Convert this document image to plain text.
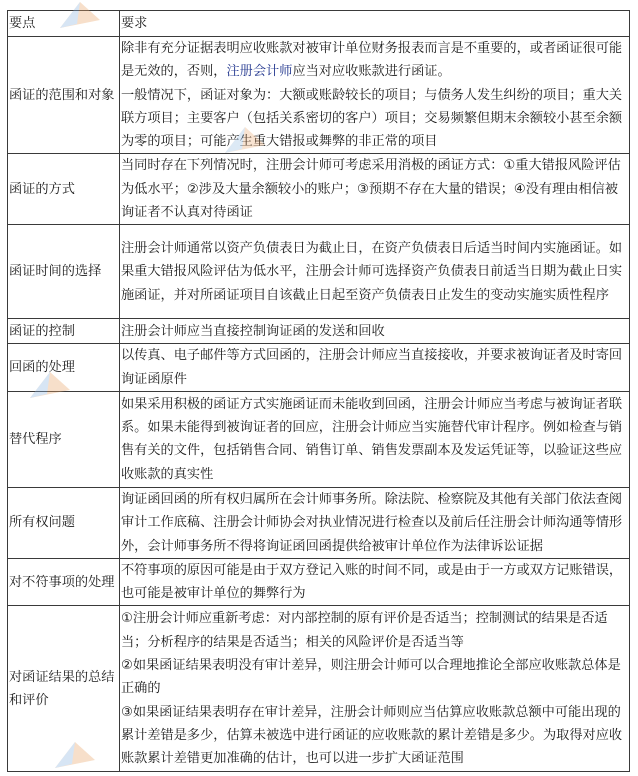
要点	要求
函证的范围和对象	除非有充分证据表明应收账款对被审计单位财务报表而言是不重要的，或者函证很可能是无效的，否则，注册会计师应当对应收账款进行函证。
一般情况下，函证对象为：大额或账龄较长的项目；与债务人发生纠纷的项目；重大关联方项目；主要客户（包括关系密切的客户）项目；交易频繁但期末余额较小甚至余额为零的项目；可能产生重大错报或舞弊的非正常的项目

函证的方式	当同时存在下列情况时，注册会计师可考虑采用消极的函证方式：①重大错报风险评估为低水平；②涉及大量余额较小的账户；③预期不存在大量的错误；④没有理由相信被询证者不认真对待函证
函证时间的选择	注册会计师通常以资产负债表日为截止日，在资产负债表日后适当时间内实施函证。如果重大错报风险评估为低水平，注册会计师可选择资产负债表日前适当日期为截止日实施函证，并对所函证项目自该截止日起至资产负债表日止发生的变动实施实质性程序
函证的控制	注册会计师应当直接控制询证函的发送和回收
回函的处理	以传真、电子邮件等方式回函的，注册会计师应当直接接收，并要求被询证者及时寄回询证函原件
替代程序	如果采用积极的函证方式实施函证而未能收到回函，注册会计师应当考虑与被询证者联系。如果未能得到被询证者的回应，注册会计师应当实施替代审计程序。例如检查与销售有关的文件，包括销售合同、销售订单、销售发票副本及发运凭证等，以验证这些应收账款的真实性
所有权问题	询证函回函的所有权归属所在会计师事务所。除法院、检察院及其他有关部门依法查阅审计工作底稿、注册会计师协会对执业情况进行检查以及前后任注册会计师沟通等情形外，会计师事务所不得将询证函回函提供给被审计单位作为法律诉讼证据
对不符事项的处理	不符事项的原因可能是由于双方登记入账的时间不同，或是由于一方或双方记账错误，也可能是被审计单位的舞弊行为
对函证结果的总结和评价	①注册会计师应重新考虑：对内部控制的原有评价是否适当；控制测试的结果是否适当；分析程序的结果是否适当；相关的风险评价是否适当等
②如果函证结果表明没有审计差异，则注册会计师可以合理地推论全部应收账款总体是正确的
③如果函证结果表明存在审计差异，注册会计师则应当估算应收账款总额中可能出现的累计差错是多少，估算未被选中进行函证的应收账款的累计差错是多少。为取得对应收账款累计差错更加准确的估计，也可以进一步扩大函证范围
